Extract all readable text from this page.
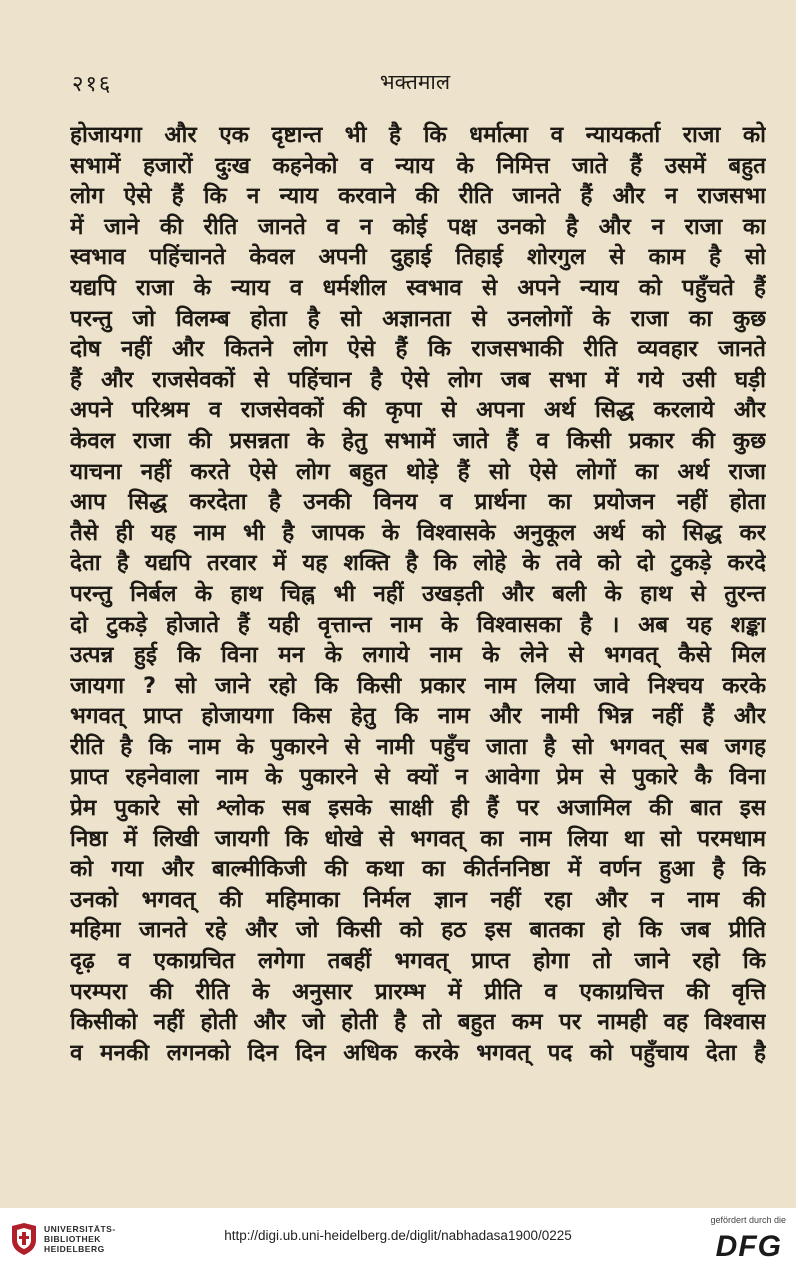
२१६	भक्तमाल
होजायगा और एक दृष्टान्त भी है कि धर्मात्मा व न्यायकर्ता राजा को
सभामें हजारों दुःख कहनेको व न्याय के निमित्त जाते हैं उसमें बहुत
लोग ऐसे हैं कि न न्याय करवाने की रीति जानते हैं और न राजसभा
में जाने की रीति जानते व न कोई पक्ष उनको है और न राजा का
स्वभाव पहिंचानते केवल अपनी दुहाई तिहाई शोरगुल से काम है सो
यद्यपि राजा के न्याय व धर्मशील स्वभाव से अपने न्याय को पहुँचते हैं
परन्तु जो विलम्ब होता है सो अज्ञानता से उनलोगों के राजा का कुछ
दोष नहीं और कितने लोग ऐसे हैं कि राजसभाकी रीति व्यवहार जानते
हैं और राजसेवकों से पहिंचान है ऐसे लोग जब सभा में गये उसी घड़ी
अपने परिश्रम व राजसेवकों की कृपा से अपना अर्थ सिद्ध करलाये और
केवल राजा की प्रसन्नता के हेतु सभामें जाते हैं व किसी प्रकार की कुछ
याचना नहीं करते ऐसे लोग बहुत थोड़े हैं सो ऐसे लोगों का अर्थ राजा
आप सिद्ध करदेता है उनकी विनय व प्रार्थना का प्रयोजन नहीं होता
तैसे ही यह नाम भी है जापक के विश्वासके अनुकूल अर्थ को सिद्ध कर
देता है यद्यपि तरवार में यह शक्ति है कि लोहे के तवे को दो टुकड़े करदे
परन्तु निर्बल के हाथ चिह्न भी नहीं उखड़ती और बली के हाथ से तुरन्त
दो टुकड़े होजाते हैं यही वृत्तान्त नाम के विश्वासका है । अब यह शङ्का
उत्पन्न हुई कि विना मन के लगाये नाम के लेने से भगवत् कैसे मिल
जायगा ? सो जाने रहो कि किसी प्रकार नाम लिया जावे निश्चय करके
भगवत् प्राप्त होजायगा किस हेतु कि नाम और नामी भिन्न नहीं हैं और
रीति है कि नाम के पुकारने से नामी पहुँच जाता है सो भगवत् सब जगह
प्राप्त रहनेवाला नाम के पुकारने से क्यों न आवेगा प्रेम से पुकारे कै विना
प्रेम पुकारे सो श्लोक सब इसके साक्षी ही हैं पर अजामिल की बात इस
निष्ठा में लिखी जायगी कि धोखे से भगवत् का नाम लिया था सो परमधाम
को गया और बाल्मीकिजी की कथा का कीर्तननिष्ठा में वर्णन हुआ है कि
उनको भगवत् की महिमाका निर्मल ज्ञान नहीं रहा और न नाम की
महिमा जानते रहे और जो किसी को हठ इस बातका हो कि जब प्रीति
दृढ़ व एकाग्रचित लगेगा तबहीं भगवत् प्राप्त होगा तो जाने रहो कि
परम्परा की रीति के अनुसार प्रारम्भ में प्रीति व एकाग्रचित्त की वृत्ति
किसीको नहीं होती और जो होती है तो बहुत कम पर नामही वह विश्वास
व मनकी लगनको दिन दिन अधिक करके भगवत् पद को पहुँचाय देता है
UNIVERSITÄTS-
BIBLIOTHEK
HEIDELBERG
http://digi.ub.uni-heidelberg.de/diglit/nabhadasa1900/0225
gefördert durch die
DFG
